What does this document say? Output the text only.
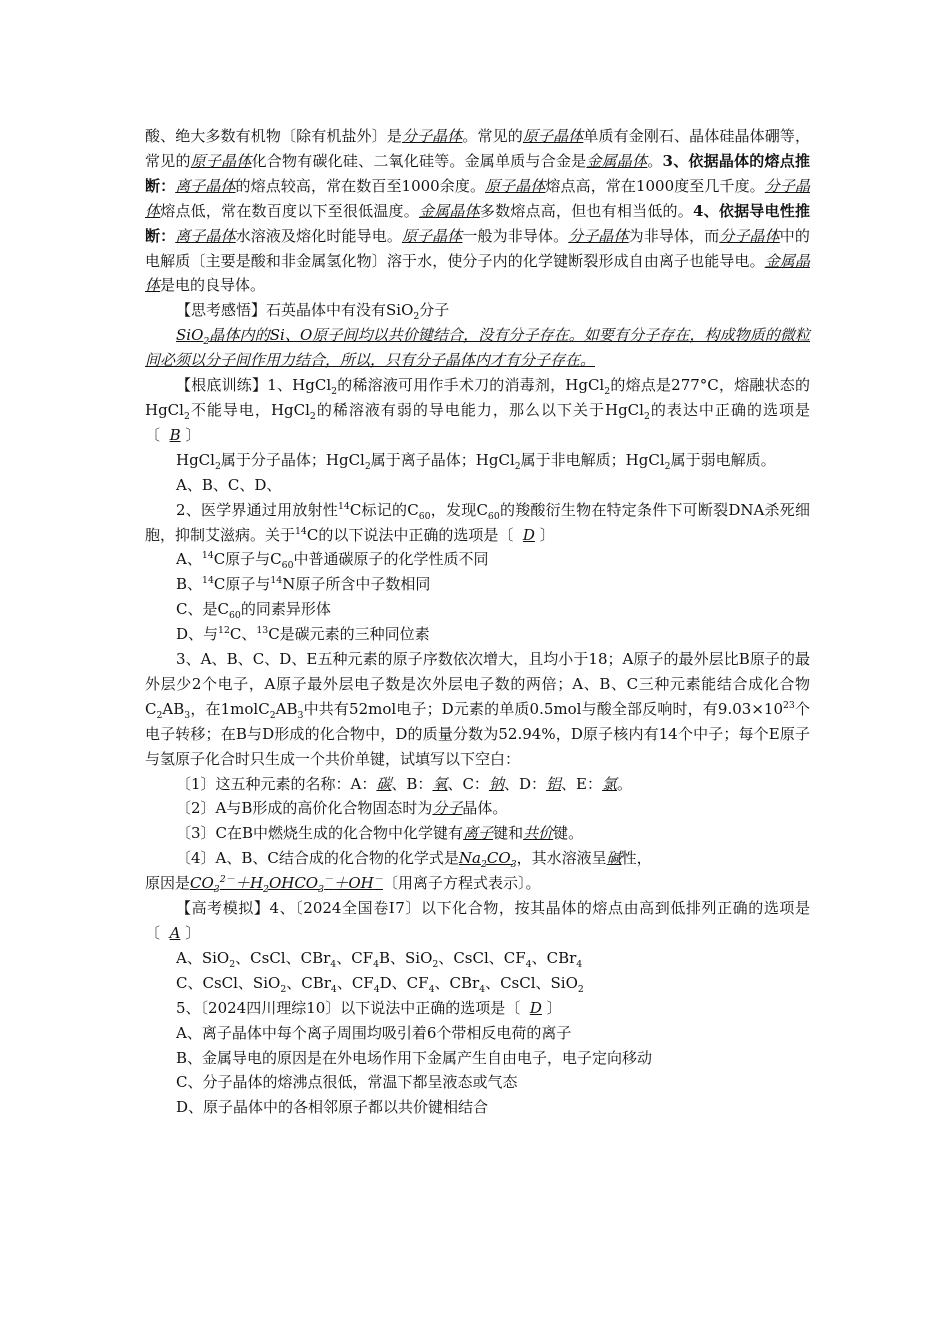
酸、绝大多数有机物〔除有机盐外〕是分子晶体。常见的原子晶体单质有金刚石、晶体硅晶体硼等，常见的原子晶体化合物有碳化硅、二氧化硅等。金属单质与合金是金属晶体。3、依据晶体的熔点推断：离子晶体的熔点较高，常在数百至1000余度。原子晶体熔点高，常在1000度至几千度。分子晶体熔点低，常在数百度以下至很低温度。金属晶体多数熔点高，但也有相当低的。4、依据导电性推断：离子晶体水溶液及熔化时能导电。原子晶体一般为非导体。分子晶体为非导体，而分子晶体中的电解质〔主要是酸和非金属氢化物〕溶于水，使分子内的化学键断裂形成自由离子也能导电。金属晶体是电的良导体。

【思考感悟】石英晶体中有没有SiO$_2$分子

SiO$_2$晶体内的Si、O原子间均以共价键结合，没有分子存在。如要有分子存在，构成物质的微粒间必须以分子间作用力结合，所以，只有分子晶体内才有分子存在。

【根底训练】1、HgCl$_2$的稀溶液可用作手术刀的消毒剂，HgCl$_2$的熔点是277°C，熔融状态的HgCl$_2$不能导电，HgCl$_2$的稀溶液有弱的导电能力，那么以下关于HgCl$_2$的表达中正确的选项是〔 B 〕

HgCl$_2$属于分子晶体；HgCl$_2$属于离子晶体；HgCl$_2$属于非电解质；HgCl$_2$属于弱电解质。

A、B、C、D、

2、医学界通过用放射性$^{14}$C标记的$C_{60}$，发现$C_{60}$的羧酸衍生物在特定条件下可断裂DNA杀死细胞，抑制艾滋病。关于$^{14}$C的以下说法中正确的选项是〔 D 〕

A、$^{14}$C原子与$C_{60}$中普通碳原子的化学性质不同

B、$^{14}$C原子与$^{14}$N原子所含中子数相同

C、是$C_{60}$的同素异形体

D、与$^{12}$C、$^{13}$C是碳元素的三种同位素

3、A、B、C、D、E五种元素的原子序数依次增大，且均小于18；A原子的最外层比B原子的最外层少2个电子，A原子最外层电子数是次外层电子数的两倍；A、B、C三种元素能结合成化合物$C_2AB_3$，在$1molC_2AB_3$中共有52mol电子；D元素的单质0.5mol与酸全部反响时，有$9.03\times 10^{23}$个电子转移；在B与D形成的化合物中，D的质量分数为52.94%，D原子核内有14个中子；每个E原子与氢原子化合时只生成一个共价单键，试填写以下空白：

〔1〕这五种元素的名称：A：碳、B：氧、C：钠、D：铝、E：氯。

〔2〕A与B形成的高价化合物固态时为分子晶体。

〔3〕C在B中燃烧生成的化合物中化学键有离子键和共价键。

〔4〕A、B、C结合成的化合物的化学式是$Na_2CO_3$，其水溶液呈碱性，

原因是$CO_3^{2-}+H_2OHCO_3^-+OH^-$〔用离子方程式表示〕。

【高考模拟】4、〔2024全国卷Ⅰ7〕以下化合物，按其晶体的熔点由高到低排列正确的选项是〔 A 〕

A、SiO$_2$、CsCl、CBr$_4$、$CF_4B$、SiO$_2$、CsCl、$CF_4$、CBr$_4$

C、CsCl、SiO$_2$、CBr$_4$、$CF_4D$、$CF_4$、CBr$_4$、CsCl、SiO$_2$

5、〔2024四川理综10〕以下说法中正确的选项是〔 D 〕

A、离子晶体中每个离子周围均吸引着6个带相反电荷的离子

B、金属导电的原因是在外电场作用下金属产生自由电子，电子定向移动

C、分子晶体的熔沸点很低，常温下都呈液态或气态

D、原子晶体中的各相邻原子都以共价键相结合
